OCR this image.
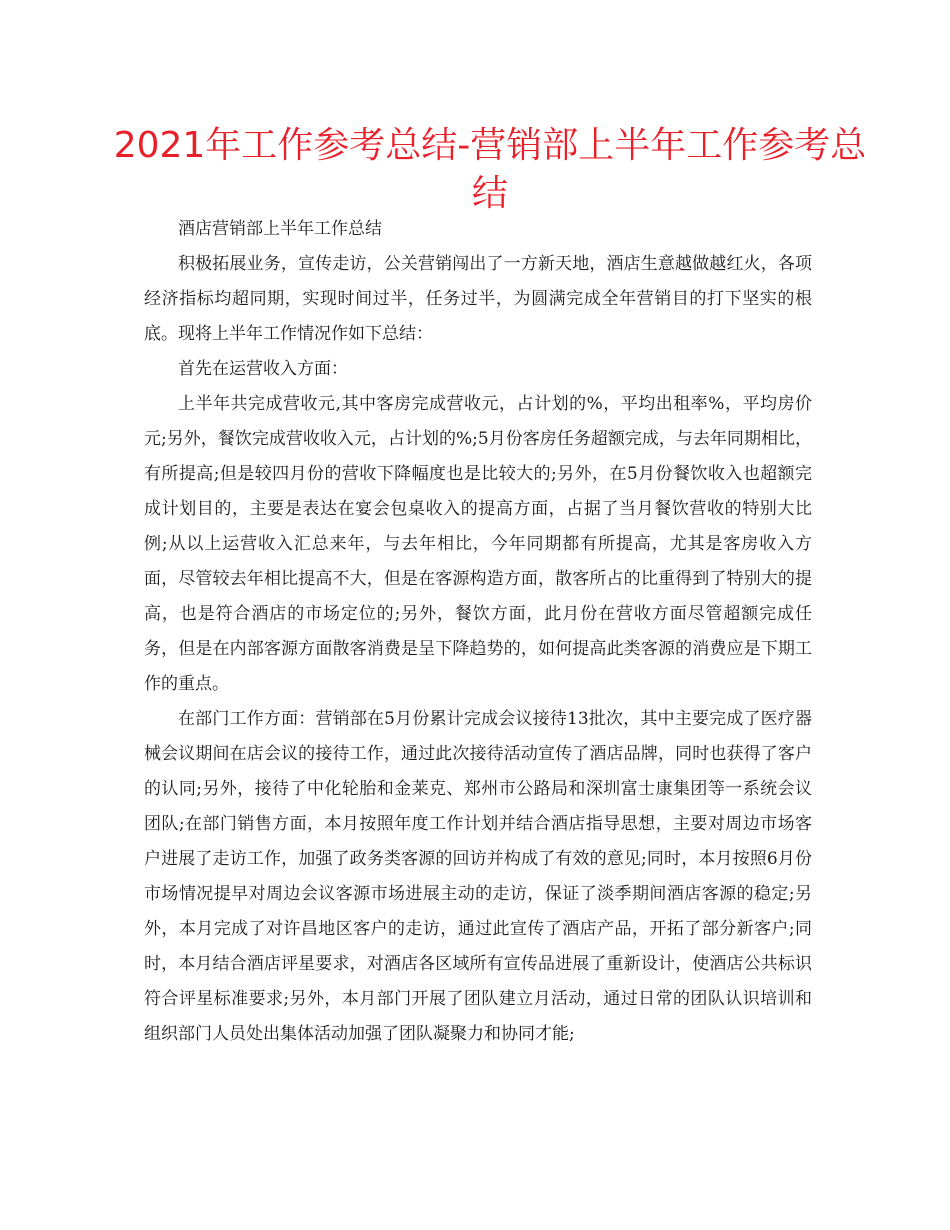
2021年工作参考总结-营销部上半年工作参考总结

酒店营销部上半年工作总结

积极拓展业务，宣传走访，公关营销闯出了一方新天地，酒店生意越做越红火，各项经济指标均超同期，实现时间过半，任务过半，为圆满完成全年营销目的打下坚实的根底。现将上半年工作情况作如下总结：

首先在运营收入方面：

上半年共完成营收元,其中客房完成营收元，占计划的%，平均出租率%，平均房价元;另外，餐饮完成营收收入元，占计划的%;5月份客房任务超额完成，与去年同期相比，有所提高;但是较四月份的营收下降幅度也是比较大的;另外，在5月份餐饮收入也超额完成计划目的，主要是表达在宴会包桌收入的提高方面，占据了当月餐饮营收的特别大比例;从以上运营收入汇总来年，与去年相比，今年同期都有所提高，尤其是客房收入方面，尽管较去年相比提高不大，但是在客源构造方面，散客所占的比重得到了特别大的提高，也是符合酒店的市场定位的;另外，餐饮方面，此月份在营收方面尽管超额完成任务，但是在内部客源方面散客消费是呈下降趋势的，如何提高此类客源的消费应是下期工作的重点。

在部门工作方面：营销部在5月份累计完成会议接待13批次，其中主要完成了医疗器械会议期间在店会议的接待工作，通过此次接待活动宣传了酒店品牌，同时也获得了客户的认同;另外，接待了中化轮胎和金莱克、郑州市公路局和深圳富士康集团等一系统会议团队;在部门销售方面，本月按照年度工作计划并结合酒店指导思想，主要对周边市场客户进展了走访工作，加强了政务类客源的回访并构成了有效的意见;同时，本月按照6月份市场情况提早对周边会议客源市场进展主动的走访，保证了淡季期间酒店客源的稳定;另外，本月完成了对许昌地区客户的走访，通过此宣传了酒店产品，开拓了部分新客户;同时，本月结合酒店评星要求，对酒店各区域所有宣传品进展了重新设计，使酒店公共标识符合评星标准要求;另外，本月部门开展了团队建立月活动，通过日常的团队认识培训和组织部门人员处出集体活动加强了团队凝聚力和协同才能;
